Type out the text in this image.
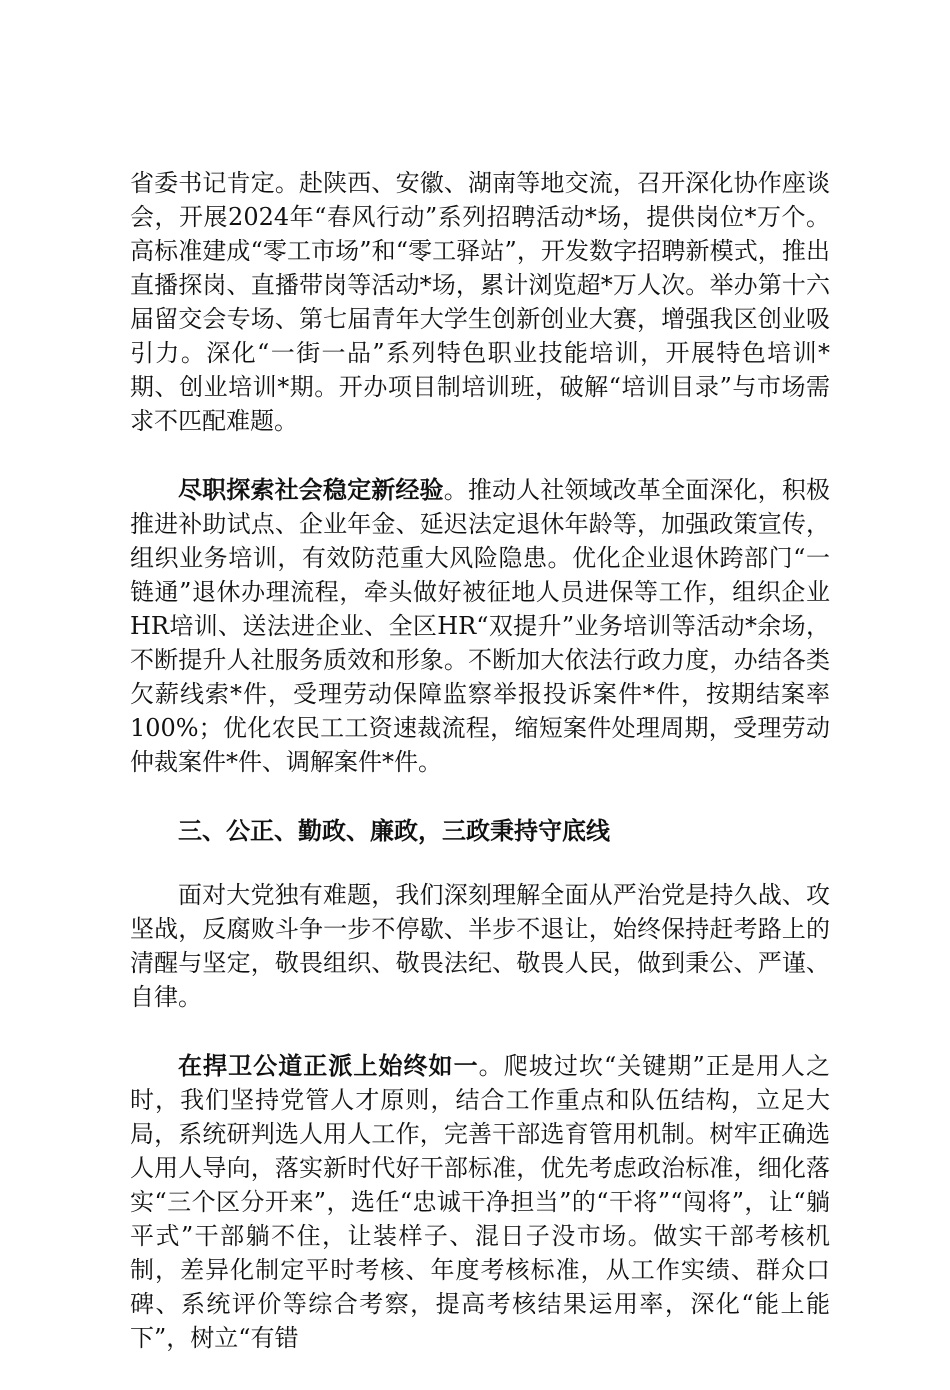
省委书记肯定。赴陕西、安徽、湖南等地交流，召开深化协作座谈会，开展2024年“春风行动”系列招聘活动*场，提供岗位*万个。高标准建成“零工市场”和“零工驿站”，开发数字招聘新模式，推出直播探岗、直播带岗等活动*场，累计浏览超*万人次。举办第十六届留交会专场、第七届青年大学生创新创业大赛，增强我区创业吸引力。深化“一街一品”系列特色职业技能培训，开展特色培训*期、创业培训*期。开办项目制培训班，破解“培训目录”与市场需求不匹配难题。

尽职探索社会稳定新经验。推动人社领域改革全面深化，积极推进补助试点、企业年金、延迟法定退休年龄等，加强政策宣传，组织业务培训，有效防范重大风险隐患。优化企业退休跨部门“一链通”退休办理流程，牵头做好被征地人员进保等工作，组织企业HR培训、送法进企业、全区HR“双提升”业务培训等活动*余场，不断提升人社服务质效和形象。不断加大依法行政力度，办结各类欠薪线索*件，受理劳动保障监察举报投诉案件*件，按期结案率100%；优化农民工工资速裁流程，缩短案件处理周期，受理劳动仲裁案件*件、调解案件*件。

三、公正、勤政、廉政，三政秉持守底线

面对大党独有难题，我们深刻理解全面从严治党是持久战、攻坚战，反腐败斗争一步不停歇、半步不退让，始终保持赶考路上的清醒与坚定，敬畏组织、敬畏法纪、敬畏人民，做到秉公、严谨、自律。

在捍卫公道正派上始终如一。爬坡过坎“关键期”正是用人之时，我们坚持党管人才原则，结合工作重点和队伍结构，立足大局，系统研判选人用人工作，完善干部选育管用机制。树牢正确选人用人导向，落实新时代好干部标准，优先考虑政治标准，细化落实“三个区分开来”，选任“忠诚干净担当”的“干将”“闯将”，让“躺平式”干部躺不住，让装样子、混日子没市场。做实干部考核机制，差异化制定平时考核、年度考核标准，从工作实绩、群众口碑、系统评价等综合考察，提高考核结果运用率，深化“能上能下”，树立“有错
